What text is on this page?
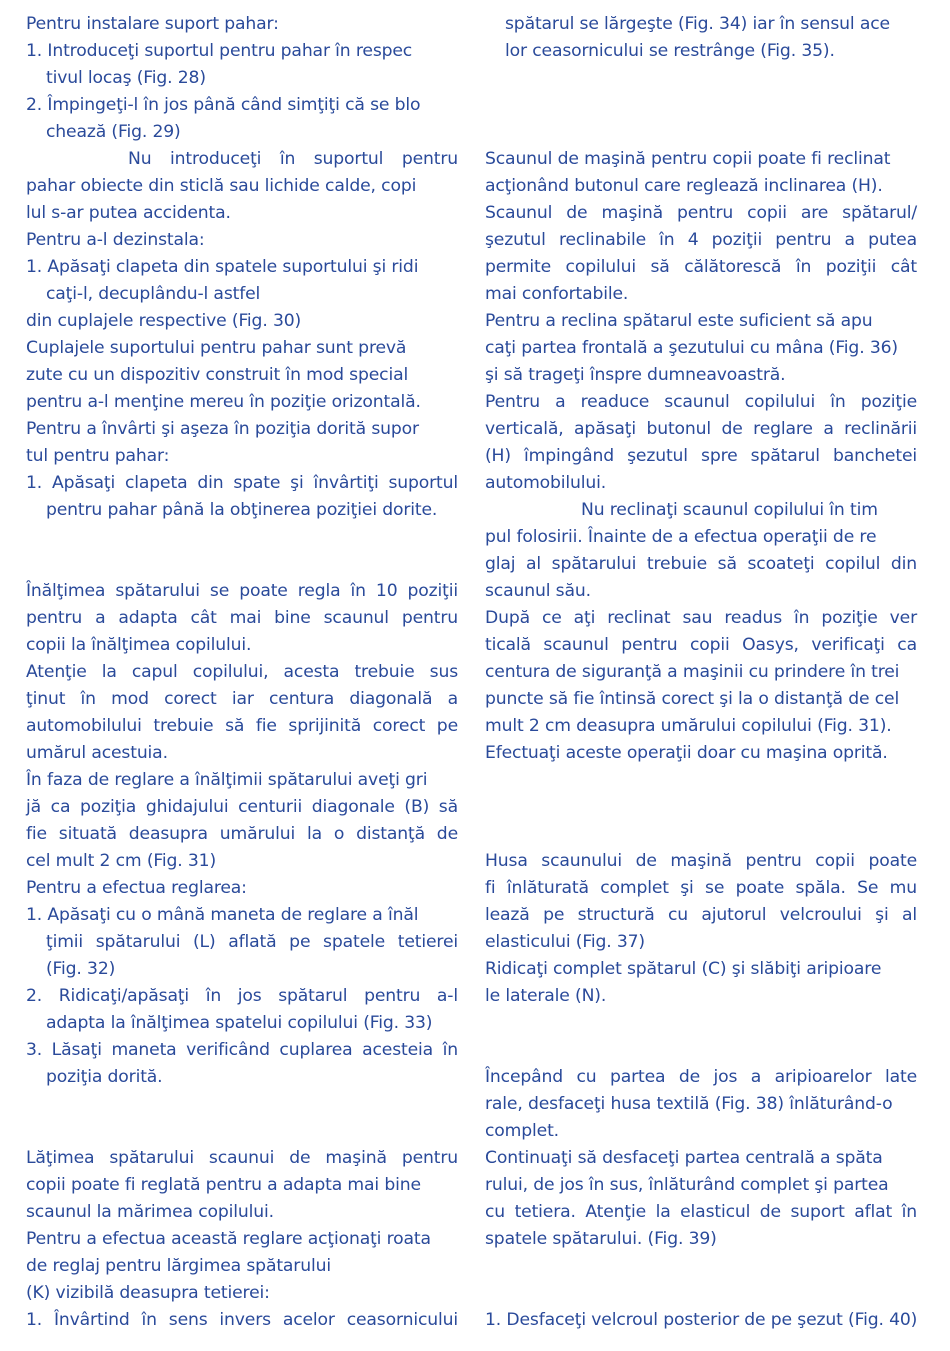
Pentru instalare suport pahar:
1. Introduceţi suportul pentru pahar în respec
tivul locaş (Fig. 28)
2. Împingeţi-l în jos până când simţiţi că se blo
chează (Fig. 29)
Nu introduceţi în suportul pentru
pahar obiecte din sticlă sau lichide calde, copi
lul s-ar putea accidenta.
Pentru a-l dezinstala:
1. Apăsaţi clapeta din spatele suportului şi ridi
caţi-l, decuplându-l astfel
din cuplajele respective (Fig. 30)
Cuplajele suportului pentru pahar sunt prevă
zute cu un dispozitiv construit în mod special
pentru a-l menţine mereu în poziţie orizontală.
Pentru a învârti şi aşeza în poziţia dorită supor
tul pentru pahar:
1. Apăsaţi clapeta din spate şi învârtiţi suportul
pentru pahar până la obţinerea poziţiei dorite.
Înălţimea spătarului se poate regla în 10 poziţii
pentru a adapta cât mai bine scaunul pentru
copii la înălţimea copilului.
Atenţie la capul copilului, acesta trebuie sus
ţinut în mod corect iar centura diagonală a
automobilului trebuie să fie sprijinită corect pe
umărul acestuia.
În faza de reglare a înălţimii spătarului aveţi gri
jă ca poziţia ghidajului centurii diagonale (B) să
fie situată deasupra umărului la o distanţă de
cel mult 2 cm (Fig. 31)
Pentru a efectua reglarea:
1. Apăsaţi cu o mână maneta de reglare a înăl
ţimii spătarului (L) aflată pe spatele tetierei
(Fig. 32)
2. Ridicaţi/apăsaţi în jos spătarul pentru a-l
adapta la înălţimea spatelui copilului (Fig. 33)
3. Lăsaţi maneta verificând cuplarea acesteia în
poziţia dorită.
Lăţimea spătarului scaunui de maşină pentru
copii poate fi reglată pentru a adapta mai bine
scaunul la mărimea copilului.
Pentru a efectua această reglare acţionaţi roata
de reglaj pentru lărgimea spătarului
(K) vizibilă deasupra tetierei:
1. Învârtind în sens invers acelor ceasornicului
spătarul se lărgeşte (Fig. 34) iar în sensul ace
lor ceasornicului se restrânge (Fig. 35).
Scaunul de maşină pentru copii poate fi reclinat
acţionând butonul care reglează inclinarea (H).
Scaunul de maşină pentru copii are spătarul/
şezutul reclinabile în 4 poziţii pentru a putea
permite copilului să călătorescă în poziţii cât
mai confortabile.
Pentru a reclina spătarul este suficient să apu
caţi partea frontală a şezutului cu mâna (Fig. 36)
şi să trageţi înspre dumneavoastră.
Pentru a readuce scaunul copilului în poziţie
verticală, apăsaţi butonul de reglare a reclinării
(H) împingând şezutul spre spătarul banchetei
automobilului.
Nu reclinaţi scaunul copilului în tim
pul folosirii. Înainte de a efectua operaţii de re
glaj al spătarului trebuie să scoateţi copilul din
scaunul său.
După ce aţi reclinat sau readus în poziţie ver
ticală scaunul pentru copii Oasys, verificaţi ca
centura de siguranţă a maşinii cu prindere în trei
puncte să fie întinsă corect şi la o distanţă de cel
mult 2 cm deasupra umărului copilului (Fig. 31).
Efectuaţi aceste operaţii doar cu maşina oprită.
Husa scaunului de maşină pentru copii poate
fi înlăturată complet şi se poate spăla. Se mu
lează pe structură cu ajutorul velcroului şi al
elasticului (Fig. 37)
Ridicaţi complet spătarul (C) şi slăbiţi aripioare
le laterale (N).
Începând cu partea de jos a aripioarelor late
rale, desfaceţi husa textilă (Fig. 38) înlăturând-o
complet.
Continuaţi să desfaceţi partea centrală a spăta
rului, de jos în sus, înlăturând complet şi partea
cu tetiera. Atenţie la elasticul de suport aflat în
spatele spătarului. (Fig. 39)
1. Desfaceţi velcroul posterior de pe şezut (Fig. 40)
